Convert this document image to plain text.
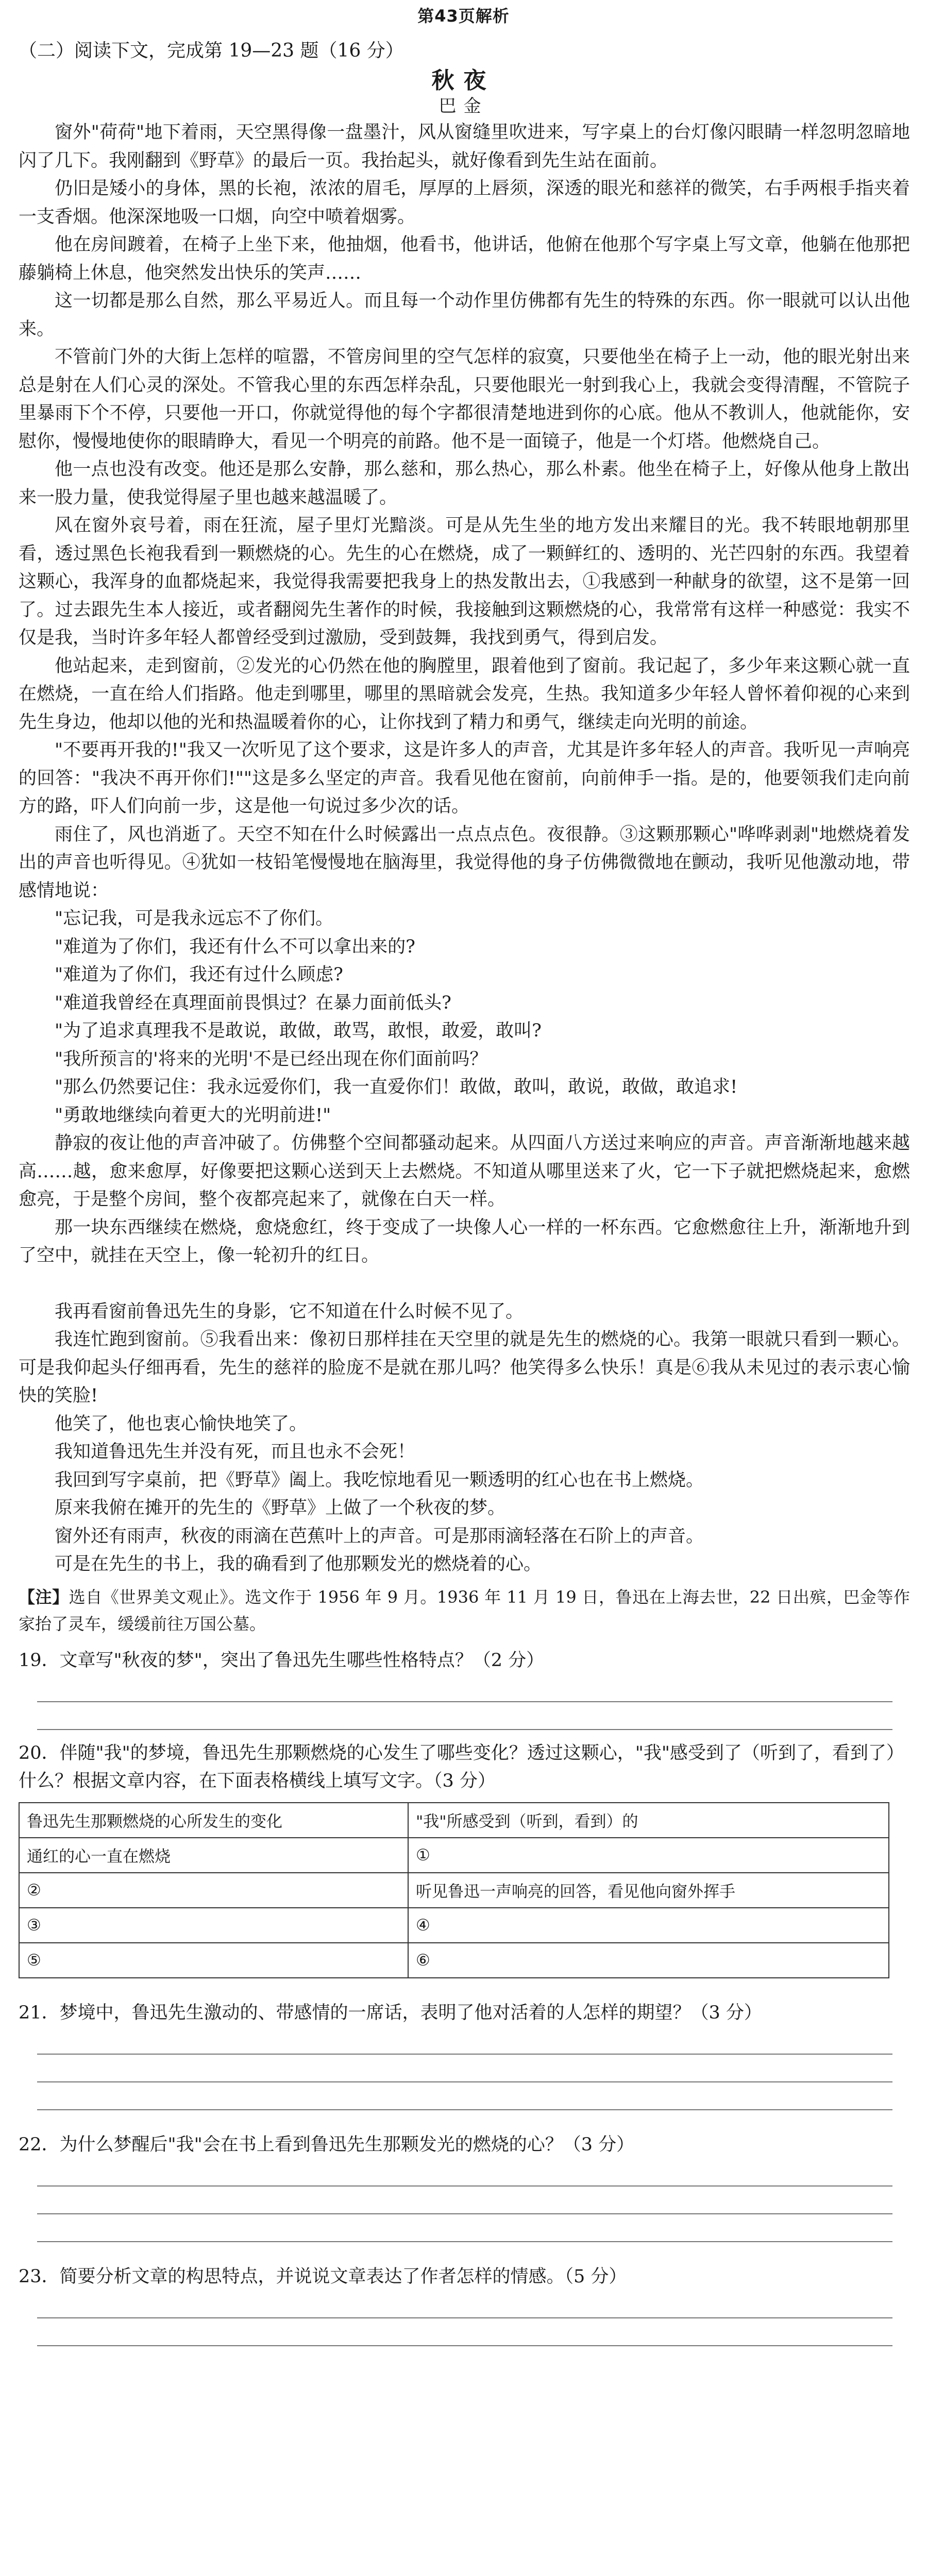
第43页解析
（二）阅读下文，完成第 19—23 题（16 分）
秋夜
巴金

窗外"荷荷"地下着雨，天空黑得像一盘墨汁，风从窗缝里吹进来，写字桌上的台灯像闪眼睛一样忽明忽暗地闪了几下。我刚翻到《野草》的最后一页。我抬起头，就好像看到先生站在面前。

仍旧是矮小的身体，黑的长袍，浓浓的眉毛，厚厚的上唇须，深透的眼光和慈祥的微笑，右手两根手指夹着一支香烟。他深深地吸一口烟，向空中喷着烟雾。

他在房间踱着，在椅子上坐下来，他抽烟，他看书，他讲话，他俯在他那个写字桌上写文章，他躺在他那把藤躺椅上休息，他突然发出快乐的笑声……

这一切都是那么自然，那么平易近人。而且每一个动作里仿佛都有先生的特殊的东西。你一眼就可以认出他来。

不管前门外的大街上怎样的喧嚣，不管房间里的空气怎样的寂寞，只要他坐在椅子上一动，他的眼光射出来总是射在人们心灵的深处。不管我心里的东西怎样杂乱，只要他眼光一射到我心上，我就会变得清醒，不管院子里暴雨下个不停，只要他一开口，你就觉得他的每个字都很清楚地进到你的心底。他从不教训人，他就能你，安慰你，慢慢地使你的眼睛睁大，看见一个明亮的前路。他不是一面镜子，他是一个灯塔。他燃烧自己。

他一点也没有改变。他还是那么安静，那么慈和，那么热心，那么朴素。他坐在椅子上，好像从他身上散出来一股力量，使我觉得屋子里也越来越温暖了。

风在窗外哀号着，雨在狂流，屋子里灯光黯淡。可是从先生坐的地方发出来耀目的光。我不转眼地朝那里看，透过黑色长袍我看到一颗燃烧的心。先生的心在燃烧，成了一颗鲜红的、透明的、光芒四射的东西。我望着这颗心，我浑身的血都烧起来，我觉得我需要把我身上的热发散出去，①我感到一种献身的欲望，这不是第一回了。过去跟先生本人接近，或者翻阅先生著作的时候，我接触到这颗燃烧的心，我常常有这样一种感觉：我实不仅是我，当时许多年轻人都曾经受到过激励，受到鼓舞，我找到勇气，得到启发。

他站起来，走到窗前，②发光的心仍然在他的胸膛里，跟着他到了窗前。我记起了，多少年来这颗心就一直在燃烧，一直在给人们指路。他走到哪里，哪里的黑暗就会发亮，生热。我知道多少年轻人曾怀着仰视的心来到先生身边，他却以他的光和热温暖着你的心，让你找到了精力和勇气，继续走向光明的前途。

"不要再开我的!"我又一次听见了这个要求，这是许多人的声音，尤其是许多年轻人的声音。我听见一声响亮的回答："我决不再开你们!""这是多么坚定的声音。我看见他在窗前，向前伸手一指。是的，他要领我们走向前方的路，吓人们向前一步，这是他一句说过多少次的话。

雨住了，风也消逝了。天空不知在什么时候露出一点点点色。夜很静。③这颗那颗心"哗哗剥剥"地燃烧着发出的声音也听得见。④犹如一枝铅笔慢慢地在脑海里，我觉得他的身子仿佛微微地在颤动，我听见他激动地，带感情地说：

"忘记我，可是我永远忘不了你们。

"难道为了你们，我还有什么不可以拿出来的?

"难道为了你们，我还有过什么顾虑?

"难道我曾经在真理面前畏惧过？在暴力面前低头?

"为了追求真理我不是敢说，敢做，敢骂，敢恨，敢爱，敢叫?

"我所预言的'将来的光明'不是已经出现在你们面前吗？

"那么仍然要记住：我永远爱你们，我一直爱你们！敢做，敢叫，敢说，敢做，敢追求!

"勇敢地继续向着更大的光明前进!"

静寂的夜让他的声音冲破了。仿佛整个空间都骚动起来。从四面八方送过来响应的声音。声音渐渐地越来越高……越，愈来愈厚，好像要把这颗心送到天上去燃烧。不知道从哪里送来了火，它一下子就把燃烧起来，愈燃愈亮，于是整个房间，整个夜都亮起来了，就像在白天一样。

那一块东西继续在燃烧，愈烧愈红，终于变成了一块像人心一样的一杯东西。它愈燃愈往上升，渐渐地升到了空中，就挂在天空上，像一轮初升的红日。

我再看窗前鲁迅先生的身影，它不知道在什么时候不见了。

我连忙跑到窗前。⑤我看出来：像初日那样挂在天空里的就是先生的燃烧的心。我第一眼就只看到一颗心。可是我仰起头仔细再看，先生的慈祥的脸庞不是就在那儿吗？他笑得多么快乐！真是⑥我从未见过的表示衷心愉快的笑脸!

他笑了，他也衷心愉快地笑了。

我知道鲁迅先生并没有死，而且也永不会死！

我回到写字桌前，把《野草》阖上。我吃惊地看见一颗透明的红心也在书上燃烧。

原来我俯在摊开的先生的《野草》上做了一个秋夜的梦。

窗外还有雨声，秋夜的雨滴在芭蕉叶上的声音。可是那雨滴轻落在石阶上的声音。

可是在先生的书上，我的确看到了他那颗发光的燃烧着的心。

【注】选自《世界美文观止》。选文作于 1956 年 9 月。1936 年 11 月 19 日，鲁迅在上海去世，22 日出殡，巴金等作家抬了灵车，缓缓前往万国公墓。

19．文章写"秋夜的梦"，突出了鲁迅先生哪些性格特点？（2 分）

20．伴随"我"的梦境，鲁迅先生那颗燃烧的心发生了哪些变化？透过这颗心，"我"感受到了（听到了，看到了）什么？根据文章内容，在下面表格横线上填写文字。（3 分）

鲁迅先生那颗燃烧的心所发生的变化	"我"所感受到（听到，看到）的
通红的心一直在燃烧	①
②	听见鲁迅一声响亮的回答，看见他向窗外挥手
③	④
⑤	⑥

21．梦境中，鲁迅先生激动的、带感情的一席话，表明了他对活着的人怎样的期望？（3 分）

22．为什么梦醒后"我"会在书上看到鲁迅先生那颗发光的燃烧的心？（3 分）

23．简要分析文章的构思特点，并说说文章表达了作者怎样的情感。（5 分）
